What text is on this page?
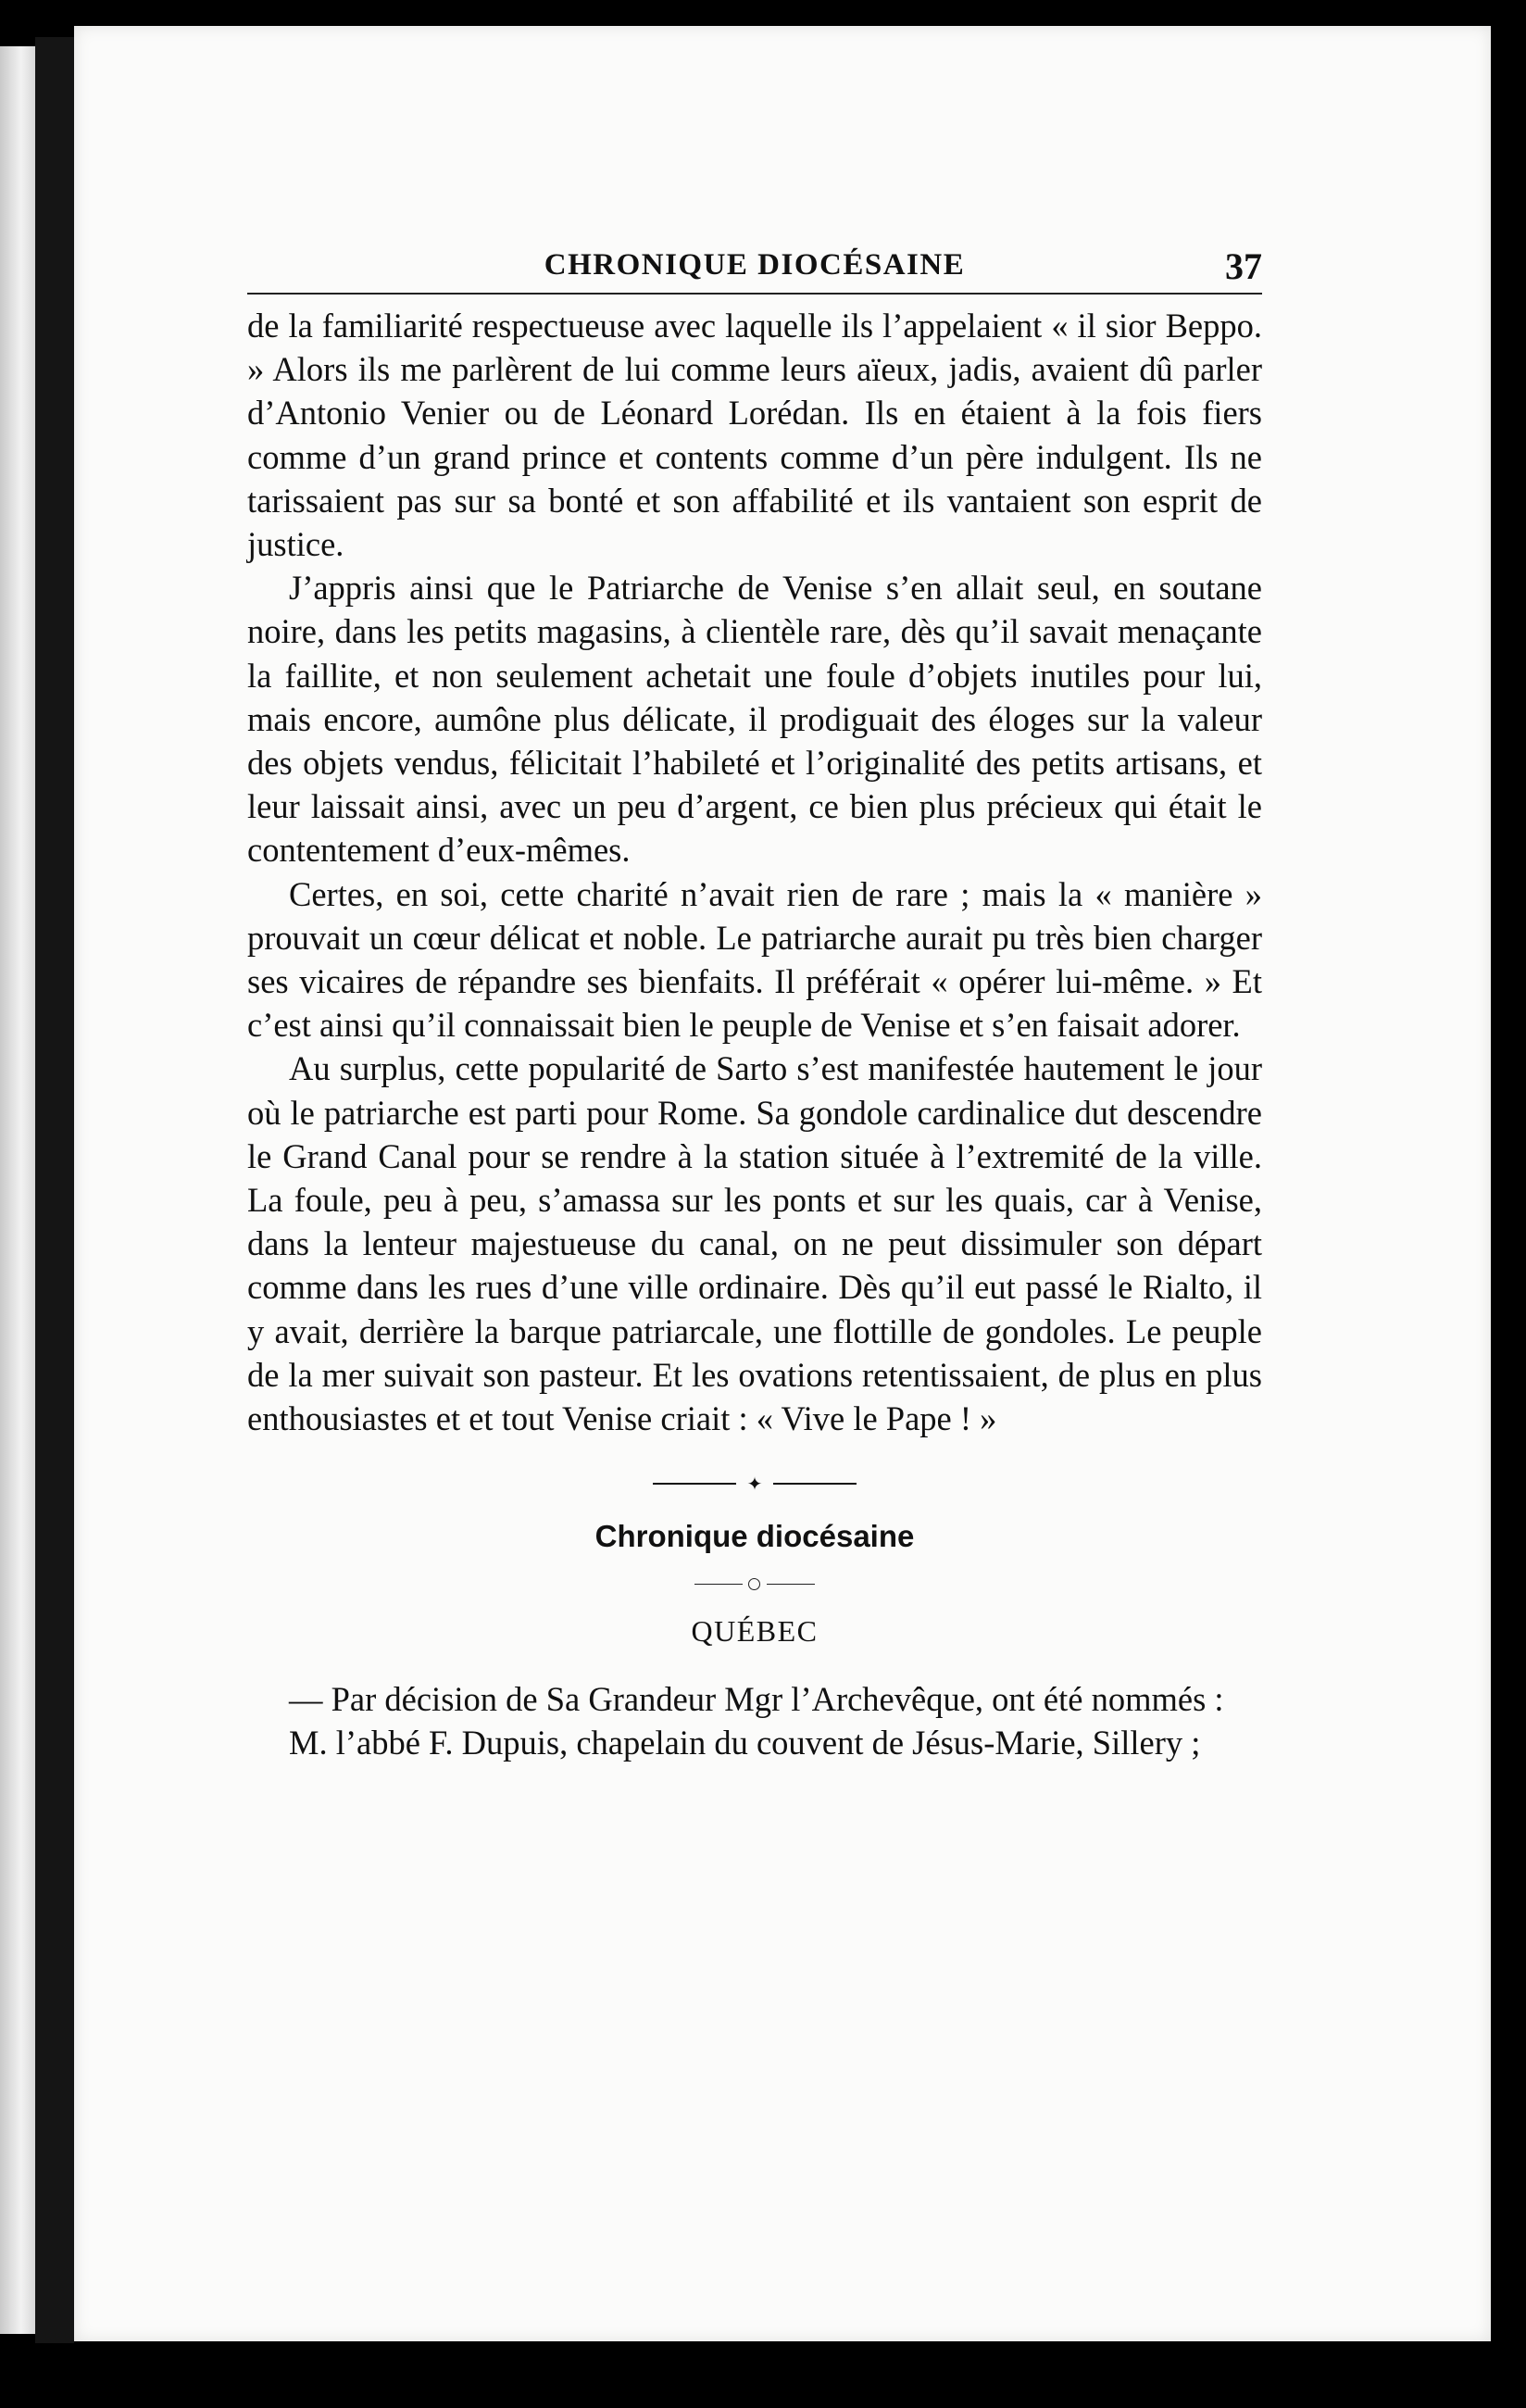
CHRONIQUE DIOCÉSAINE	37

de la familiarité respectueuse avec laquelle ils l’appelaient « il sior Beppo. » Alors ils me parlèrent de lui comme leurs aïeux, jadis, avaient dû parler d’Antonio Venier ou de Léonard Lorédan. Ils en étaient à la fois fiers comme d’un grand prince et contents comme d’un père indulgent. Ils ne tarissaient pas sur sa bonté et son affabilité et ils vantaient son esprit de justice.

J’appris ainsi que le Patriarche de Venise s’en allait seul, en soutane noire, dans les petits magasins, à clientèle rare, dès qu’il savait menaçante la faillite, et non seulement achetait une foule d’objets inutiles pour lui, mais encore, aumône plus délicate, il prodiguait des éloges sur la valeur des objets vendus, félicitait l’habileté et l’originalité des petits artisans, et leur laissait ainsi, avec un peu d’argent, ce bien plus précieux qui était le contentement d’eux-mêmes.

Certes, en soi, cette charité n’avait rien de rare ; mais la « manière » prouvait un cœur délicat et noble. Le patriarche aurait pu très bien charger ses vicaires de répandre ses bienfaits. Il préférait « opérer lui-même. » Et c’est ainsi qu’il connaissait bien le peuple de Venise et s’en faisait adorer.

Au surplus, cette popularité de Sarto s’est manifestée hautement le jour où le patriarche est parti pour Rome. Sa gondole cardinalice dut descendre le Grand Canal pour se rendre à la station située à l’extremité de la ville. La foule, peu à peu, s’amassa sur les ponts et sur les quais, car à Venise, dans la lenteur majestueuse du canal, on ne peut dissimuler son départ comme dans les rues d’une ville ordinaire. Dès qu’il eut passé le Rialto, il y avait, derrière la barque patriarcale, une flottille de gondoles. Le peuple de la mer suivait son pasteur. Et les ovations retentissaient, de plus en plus enthousiastes et et tout Venise criait : « Vive le Pape ! »

✦
Chronique diocésaine
QUÉBEC

— Par décision de Sa Grandeur Mgr l’Archevêque, ont été nommés :

M. l’abbé F. Dupuis, chapelain du couvent de Jésus-Marie, Sillery ;
